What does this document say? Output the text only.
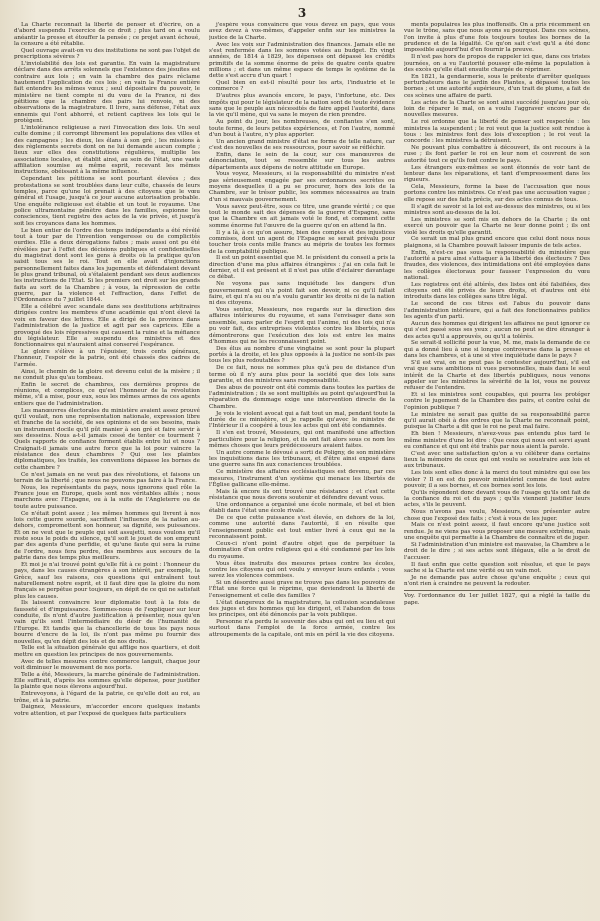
3

La Charte reconnaît la liberté de penser et d'écrire, on a d'abord suspendu l'exercice de ce droit ; plus tard on a voulu anéantir la presse et étouffer la pensée ; ce projet avant échoué, la censure a été rétablie.

Quel ouvrage avait-on vu des institutions ne sont pas l'objet de prescriptions sévères ?

L'inviolabilité des lois est garantie. En vain la magistrature déclare dans des arrêts solennels que l'existence des jésuites est contraire aux lois ; en vain la chambre des pairs réclame hautement l'application de ces lois ; en vain la France entière fait entendre les mêmes vœux ; seul dépositaire du pouvoir, le ministère ne tient compte ni du vœu de la France, ni des pétitions que la chambre des pairs lui renvoie, ni des observations de la magistrature. Il livre, sans défense, l'état aux ennemis qui l'ont abhorré, et retient captives les lois qui le protègent.

L'intolérance religieuse a ravi l'invocation des lois. Un seul culte domine ; il corrompt librement les populations des villes et des campagnes ; les dieux, les élans à son gré ; les missions à des règlements secrets dont on ne lui demande aucun compte ; lieux sur elles des constitutions régulières, multiplie les associations locales, et établit ainsi, au sein de l'état, une vaste affiliation soumise au même esprit, recevant les mêmes instructions, obéissant à la même influence.

Cependant les pétitions se sont pourtant élevées ; des protestations se sont troublées dans leur culte, chassés de leurs temples, parce qu'une loi prenait à des citoyens que le vœu général et l'usage, jusqu'à ce jour aucune autorisation probable. Une enquête religieuse est établie et un tout le royaume. Une police ultramontaine pénètre dans les familles, espionne les consciences, tient registre des actes de la vie privée, et jusqu'à soit les croyances dans les hommes.

Le bien entier de l'ordre des temps indépendants a été révélé tout à tour par de l'invention vengeresse ou de complicités ourdies. Elle a deux dérogations faites ; mais aussi ont pu été révélées par à l'effet des décisions publiques et confidentielles du magistrat dont sont les gens à droits où la pratique qu'on saisit tous ses le roi. Tout en elle avait d'injonctions personnellement faites dans les jugements et défendaient devant le plus grand tribunal, où s'étalaient pendant ses deux audiences les instructions de l'Etat. Si les premiers ont droit sur les grands faits au sort de la Chambre ; à vous, la répression de cette guerre, par la violence et l'effraction, dans l'effet de l'Ordonnance du 7 juillet 1844.

Elle a célébré avec scandale dans ses destitutions arbitraires dirigées contre les membres d'une académie qui n'ont élevé la voix en faveur des lettres. Elle a dirigé de la province dans l'administration de la justice et agit par ses caprices. Elle a provoqué des lois répressives qui causent la ruine et la méfiance du législateur. Elle a suspendu des ministres et des fonctionnaires qui n'auraient ainsi conservé l'espérance.

Le gloire s'élève à un l'épuisier, trois cents généraux, l'honneur, l'espoir de la patrie, ont été chassés des cadres de l'armée.

Ainsi, le chemin de la gloire est devenu celui de la misère ; il ne conduit plus qu'au tombeau.

Enfin le secret de chambres, ces dernières propres de réunions, et complices, ce qu'est l'honneur de la révolution même, s'il a mise, pour eux, sous les mêmes armes de ces agents entiers que de l'administration.

Les manœuvres électorales du ministère avaient assez prouvé qu'il voulait, non une représentation nationale, expression libre et franche de la société, de ses opinions et de ses besoins, mais un instrument docile qu'il pût manier à son gré et faire servir à ses desseins. Nous a-t-il jamais cessé de tenter ce tourment ? Quels rapports de confiance forment établis entre lui et nous ? Craignait-il jamais une autre force que la loi pour vaincre la résistance des deux chambres ? Qui ose les plaintes diplomatiques, les traités, les conventions dépasse les bornes de cette chambre ?

Ce n'est jamais en ne veut pas des révolutions, et faisons un terrain de la liberté ; que nous ne pouvons pas faire à la France.

Nous, les représentants du pays, nous ignorons quel rôle la France joue en Europe, quels sont nos véritables alliés ; nous marchons avec l'Espagne, ou à la suite de l'Angleterre ou de toute autre puissance.

Ce n'était point assez ; les mêmes hommes qui livrent à nos lois cette guerre sourde, sacrifient l'influence de la nation au-dehors, compromettent son honneur, sa dignité, ses puissances. Et on ne veut que le peuple qui soit assujetti, nous voulons qu'il reste sous le poids du silence, qu'il soit le jouet de son emprunt par des agents d'une perfidie, et qu'une faute qui sera la ruine de l'ordre, nous fera perdre, des membres aux secours de la patrie dans des temps plus meilleurs.

Et moi je n'ai trouvé point qu'elle fût à ce point : l'honneur du pays, dans les causes étrangères à son intérêt, par exemple, la Grèce, sauf les raisons, ces questions qui entraînent tout naturellement notre esprit, et il faut dire que la gloire du nom français se perpétue pour toujours, en dépit de ce qui ne satisfait plus les causes.

Ils laissent convaincre leur diplomatie tout à la fois de fausseté et d'impuissance. Sommes-nous de l'expliquer sur leur conduite, ils n'ont d'autre justification à présenter, nous qu'en vain qu'ils sont l'intermédiaire du désir de l'humanité de l'Europe. Et tandis que la chancellerie de tous les pays nous bourre d'encre de la loi, ils n'ont pas même pu fournir des nouvelles, qu'en dépit des lois et de nos droits.

Telle est la situation générale qui afflige nos quartiers, et doit mettre en question les principes de nos gouvernements.

Avec de telles mesures contre commerce languit, chaque jour voit diminuer le mouvement de nos ports.

Telle a été, Messieurs, la marche générale de l'administration. Elle suffirait, d'après les sommes qu'elle dépense, pour justifier la plainte que nous élevons aujourd'hui.

Entrevoyons, à l'égard de la patrie, ce qu'elle doit au roi, au trône, et à la patrie.

Daignez, Messieurs, m'accorder encore quelques instants votre attention, et par l'exposé de quelques faits particuliers

j'espère vous convaincre que vous devez en pays, que vous avez devez à vos-mêmes, d'appeler enfin sur les ministres la justice de la Charte.

Avec les voix sur l'administration des finances. Jamais elle ne s'est renfermée dans les sommes votées au budget. En vingt années, de 1814 à 1829, les dépenses ont dépassé les crédits primitifs de la somme énorme de près de quatre cents quatre millions ; et dans un même espace de temps le système de la dette s'est accru d'un quart !

Quel bien en est-il résulté pour les arts, l'industrie et le commerce ?

D'autres plus avancés encore, le pays, l'infortune, etc. Des impôts qui pour le législateur de la nation sont de toute évidence sans que le peuple aux nécessités de faire appel l'autorité, dans la vie qu'il mène, qui va sans le moyen de rien prendre.

Au point du jour, les nombreuses, de confiantes s'en sont, toute ferme, de leurs petites expériences, et l'on l'autre, nommé d'un bout à l'autre, n'y plus apporter.

Un ancien grand ministre d'état ne forme de telle nature, car c'est des nouvelles de ses ressources, pour savoir se réfléchir.

Enfin, dans le sein de la cour, sur ces manœuvres de dénonciation, tout se ressemble sur tous les autres départements aux dépens de notre attitude en Europe.

Vous voyez, Messieurs, si la responsabilité du ministre n'est pas sérieusement engagée par ses ordonnances secrètes ou moyens desquelles il a pu se procurer, hors des lois de la Chambre, sur le trésor public, les sommes nécessaires au train d'un si mauvais gouvernement.

Vous savez peut-être, sous ce titre, une grande vérité ; ce que tout le monde sait des dépenses de la guerre d'Espagne, sans que la Chambre en ait jamais voté le fond, et comment cette somme énorme fut l'œuvre de la guerre qu'on en attend la fin.

Il y a là, à ce qu'on assure, bien des comptes et des injustices commises, dont un agent de l'Espagne se serait prévalu pour toucher trois cents mille francs au mépris de toutes les formes de la comptabilité publique.

Il est un point essentiel que M. le président du conseil a pris la direction d'une ma plus affaires étrangères : j'ai en cela fait le dernier, et il est présent et il n'est pas utile d'éclairer davantage ce débat.

Ne voyons pas sans inquiétude les dangers d'un gouvernement qui n'a point fait son devoir, ni ce qu'il fallait faire, et qui n'a su ou n'a voulu garantir les droits ni de la nation ni des citoyens.

Vous sentez, Messieurs, nos regards sur la direction des affaires intérieures du royaume, et sans l'envisager dans son ensemble, sans parler de l'esprit qui l'anime, ni des lois qui n'a pu voir fait, des entreprises violentes contre les libertés, nous démontrerons que l'exécution des lois est entre les mains d'hommes qui ne les reconnaissent point.

Des élus au nombre d'une vingtaine se sont pour la plupart portés à la droite, et les plus opposés à la justice ne sont-ils pas tous les plus redoutables ?

De ce fait, nous ne sommes plus qu'à peu de distance d'un terme où il n'y aura plus pour la société que des lois sans garantie, et des ministres sans responsabilité.

Des abus de pouvoir ont été commis dans toutes les parties de l'administration ; ils se sont multipliés au point qu'aujourd'hui la réparation du dommage exige une intervention directe de la Chambre.

Je vois le violent avocat qui a fait tout un mal, pendant toute la durée de ce ministère, et je rappelle qu'avec le ministre de l'Intérieur il a coopéré à tous les actes qui ont été condamnés.

Il s'en est trouvé, Messieurs, qui ont manifesté une affection particulière pour la religion, et ils ont fait alors sous ce nom les mêmes choses que leurs prédécesseurs avaient faites.

Un autre comme le dévoué a sorti de Poligny, de son ministère les inquisitions dans les tribunaux, et d'être ainsi exposé dans une guerre sans fin aux consciences troublées.

Ce ministère des affaires ecclésiastiques est devenu, par ces mesures, l'instrument d'un système qui menace les libertés de l'Église gallicane elle-même.

Mais là encore ils ont trouvé une résistance ; et c'est cette résistance que nous devons soutenir et défendre devant vous.

Une ordonnance a organisé une école normale, et bel et bien établi dans l'état une école rivale.

De ce que cette puissance s'est élevée, en dehors de la loi, comme une autorité dans l'autorité, il en résulte que l'enseignement public est tout entier livré à ceux qui ne la reconnaissent point.

Ceux-ci n'ont point d'autre objet que de perpétuer la domination d'un ordre religieux qui a été condamné par les lois du royaume.

Vous êtes instruits des mesures prises contre les écoles, contre les citoyens qui ont voulu y envoyer leurs enfants ; vous savez les violences commises.

Si un désordre aussi grave ne trouve pas dans les pouvoirs de l'État une force qui le réprime, que deviendront la liberté de l'enseignement et celle des familles ?

L'état dangereux de la magistrature, la collusion scandaleuse des juges et des hommes qui les dirigent, et l'abandon de tous les principes, ont été dénoncés par la voix publique.

Personne n'a perdu le souvenir des abus qui ont eu lieu et qui surtout dans l'emploi de la force armée, contre les attroupements de la capitale, ont mis en péril la vie des citoyens.

ments populaires les plus inoffensifs. On a pris récemment en vue le trône, sans que nous ayons su pourquoi. Dans ces scènes, l'on invite à plus d'une fois toujours toutes les bornes de la prudence et de la légalité. Ce qu'on sait c'est qu'il a été donc impossible aujourd'hui d'en fournir la preuve.

Il n'est pas hors de propos de rappeler ici que, dans ces tristes journées, on a vu l'autorité pousser elle-même la population à des excès qu'elle était ensuite chargée de réprimer.

En 1821, la gendarmerie, sous le prétexte d'arrêter quelques perturbateurs dans le jardin des Plantes, a dépassé toutes les bornes ; et une autorité supérieure, d'un trait de plume, a fait de ces scènes une affaire de parti.

Les actes de la Charte se sont ainsi succédé jusqu'au jour où, loin de réparer le mal, on a voulu l'aggraver encore par de nouvelles mesures.

Le roi ordonne que la liberté de penser soit respectée : les ministres la suspendent ; le roi veut que la justice soit rendue à tous : les ministres font des lois d'exception ; le roi veut la concorde : les ministres la détruisent.

Ne pouvant plus combattre à découvert, ils ont recours à la ruse ; ils font parler le roi en leur nom et couvrent de son autorité tout ce qu'ils font contre le pays.

Les étrangers eux-mêmes se sont étonnés de voir tant de lenteur dans les réparations, et tant d'empressement dans les rigueurs.

Cela, Messieurs, forme la base de l'accusation que nous portons contre les ministres. Ce n'est pas une accusation vague ; elle repose sur des faits précis, sur des actes connus de tous.

Il s'agit de savoir si la loi est au-dessus des ministres, ou si les ministres sont au-dessus de la loi.

Les ministres se sont mis en dehors de la Charte ; ils ont exercé un pouvoir que la Charte ne leur donne point ; ils ont violé les droits qu'elle garantit.

Ce serait un mal plus grand encore que celui dont nous nous plaignons, si la Chambre pouvait laisser impunis de tels actes.

Enfin, n'est-ce pas sous la responsabilité du ministère que l'autorité a paru ainsi s'attaquer à la liberté des électeurs ? Des fraudes, des violences, des intimidations ont été employées dans les collèges électoraux pour fausser l'expression du vœu national.

Les registres ont été altérés, des listes ont été falsifiées, des citoyens ont été privés de leurs droits, et d'autres ont été introduits dans les collèges sans titre légal.

Le second de ces titres est l'abus du pouvoir dans l'administration intérieure, qui a fait des fonctionnaires publics les agents d'un parti.

Aucun des hommes qui dirigent les affaires ne peut ignorer ce qui s'est passé sous ses yeux ; aucun ne peut se dire étranger à des actes qu'il a approuvés, ou qu'il a tolérés.

Se serait-il sollicité pour la vue, M. me, mais la demande de ce qui a donné lieu à une si longue controverse dans la presse et dans les chambres, et à une si vive inquiétude dans le pays ?

S'il est vrai, on ne peut pas le contester aujourd'hui, s'il est vrai que sans ambitions ni vues personnelles, mais dans le seul intérêt de la Charte et des libertés publiques, nous venons appeler sur les ministres la sévérité de la loi, vous ne pouvez refuser de l'entendre.

Et si les ministres sont coupables, qui pourra les protéger contre le jugement de la Chambre des pairs, et contre celui de l'opinion publique ?

Le ministre ne serait pas quitte de sa responsabilité parce qu'il aurait obéi à des ordres que la Charte ne reconnaît point, puisque la Charte a dit que le roi ne peut mal faire.

Eh bien ! Messieurs, n'avez-vous pas entendu plus tard le même ministre d'une loi dire : Que ceux qui nous ont servi ayant eu confiance et qui ont été trahis par nous aient la parole.

C'est avec une satisfaction qu'on a vu célébrer dans certains lieux la mémoire de ceux qui ont voulu se soustraire aux lois et aux tribunaux.

Les lois sont elles donc à la merci du tout ministre qui ose les violer ? Il en est du pouvoir ministériel comme de tout autre pouvoir, il a ses bornes, et ces bornes sont les lois.

Qu'ils répondent donc devant vous de l'usage qu'ils ont fait de la confiance du roi et du pays ; qu'ils viennent justifier leurs actes, s'ils le peuvent.

Nous n'avons pas voulu, Messieurs, vous présenter autre chose que l'exposé des faits ; c'est à vous de les juger.

Mais ce n'est point assez, il faut encore qu'une justice soit rendue. Je ne viens pas vous proposer une mesure extrême, mais une enquête qui permette à la Chambre de connaître et de juger.

Si l'administration d'un ministre est mauvaise, la Chambre a le droit de le dire ; si ses actes sont illégaux, elle a le droit de l'accuser.

Il faut enfin que cette question soit résolue, et que le pays sache si la Charte est une vérité ou un vain mot.

Je ne demande pas autre chose qu'une enquête ; ceux qui n'ont rien à craindre ne peuvent la redouter.

Voy. l'ordonnance du 1er juillet 1827, qui a réglé la taille du pape.
